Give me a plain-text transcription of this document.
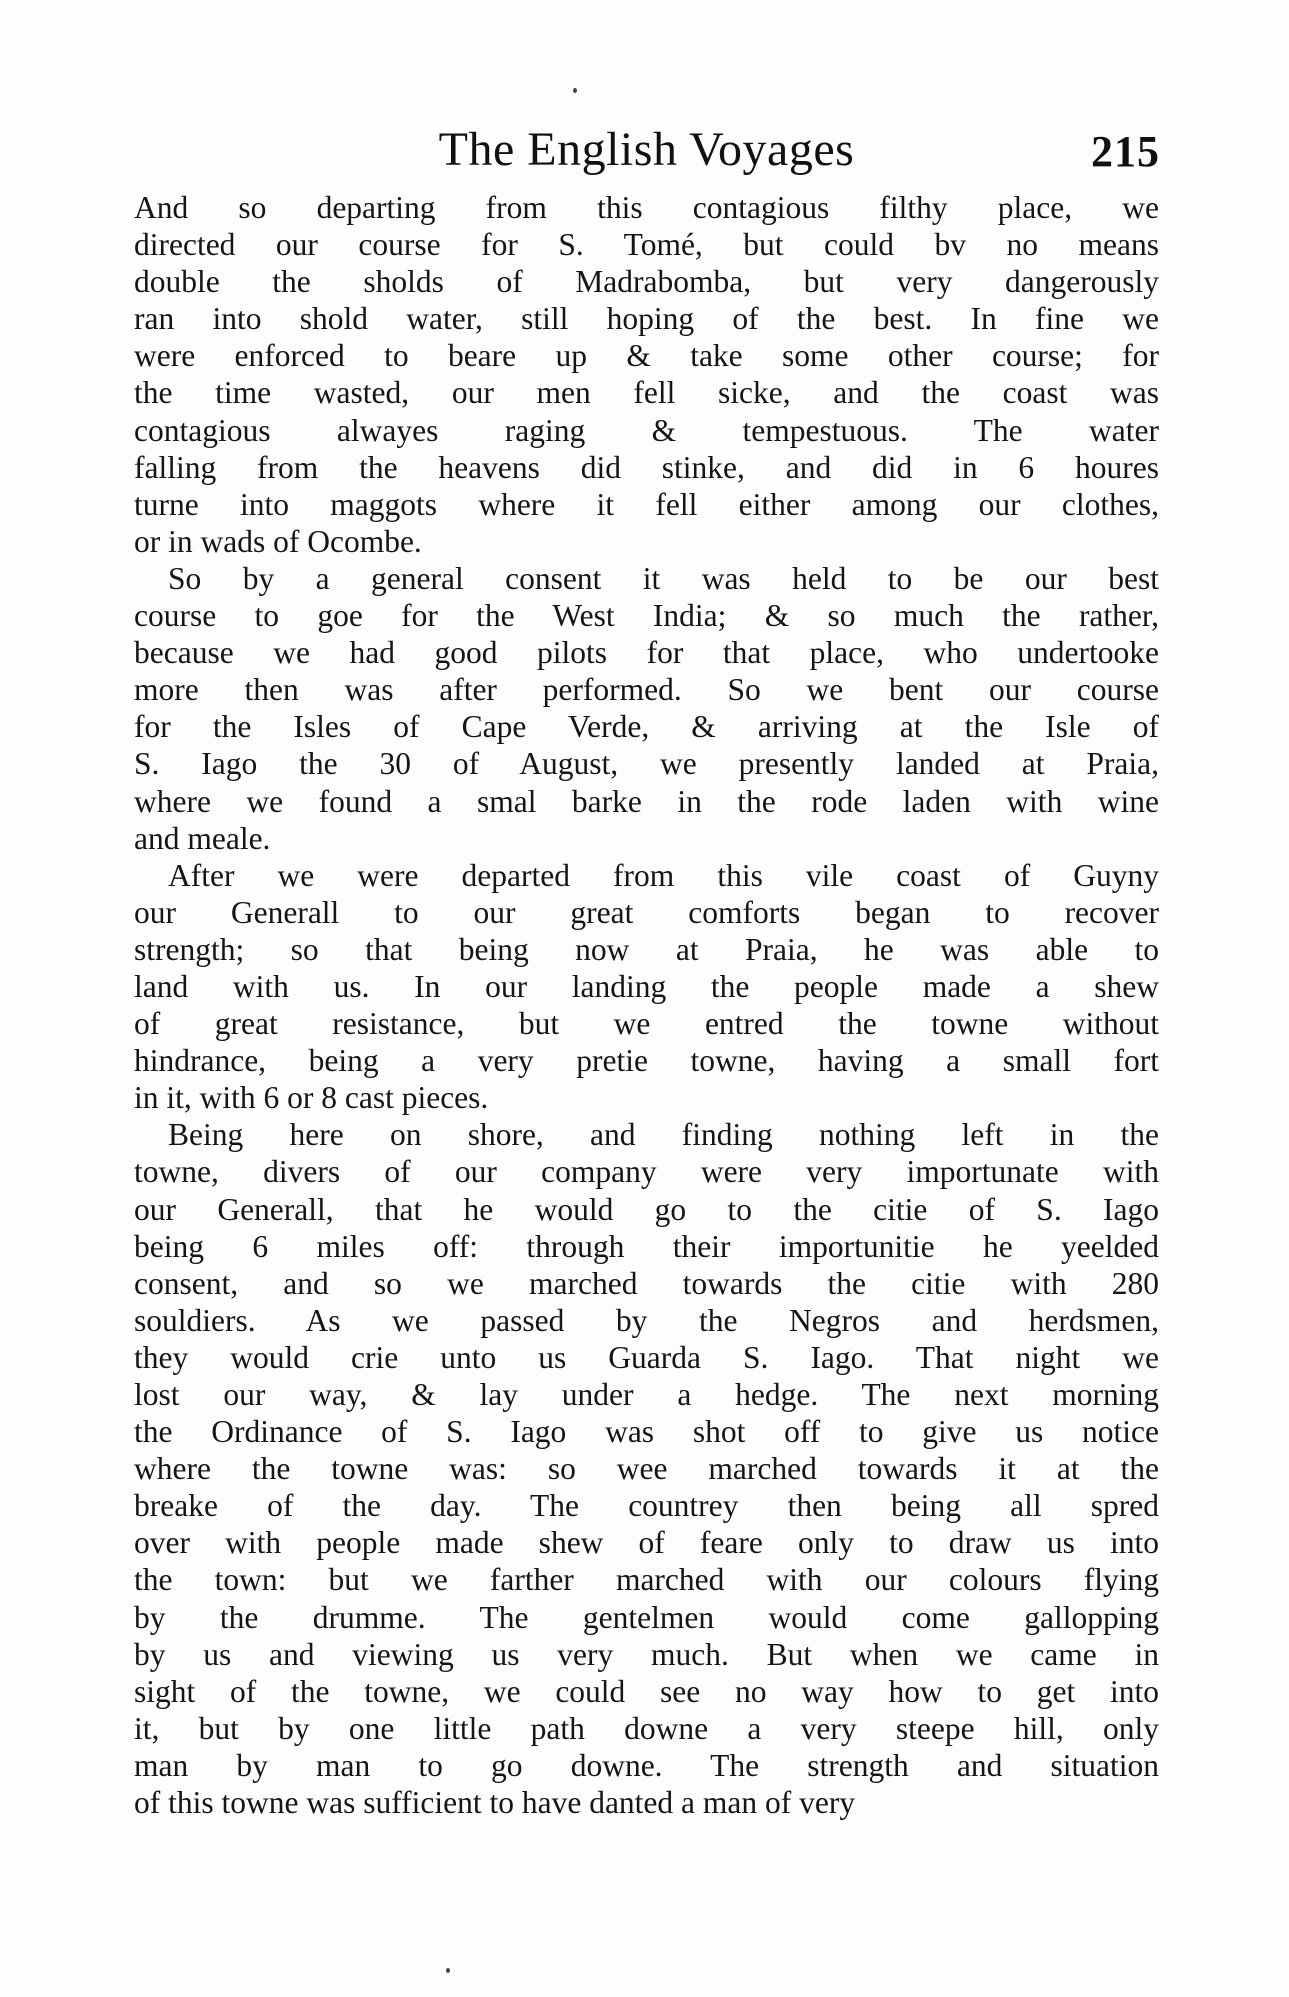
The English Voyages	215
And so departing from this contagious filthy place, we
directed our course for S. Tomé, but could bv no means
double the sholds of Madrabomba, but very dangerously
ran into shold water, still hoping of the best. In fine we
were enforced to beare up & take some other course; for
the time wasted, our men fell sicke, and the coast was
contagious alwayes raging & tempestuous. The water
falling from the heavens did stinke, and did in 6 houres
turne into maggots where it fell either among our clothes,
or in wads of Ocombe.
So by a general consent it was held to be our best
course to goe for the West India; & so much the rather,
because we had good pilots for that place, who undertooke
more then was after performed. So we bent our course
for the Isles of Cape Verde, & arriving at the Isle of
S. Iago the 30 of August, we presently landed at Praia,
where we found a smal barke in the rode laden with wine
and meale.
After we were departed from this vile coast of Guyny
our Generall to our great comforts began to recover
strength; so that being now at Praia, he was able to
land with us. In our landing the people made a shew
of great resistance, but we entred the towne without
hindrance, being a very pretie towne, having a small fort
in it, with 6 or 8 cast pieces.
Being here on shore, and finding nothing left in the
towne, divers of our company were very importunate with
our Generall, that he would go to the citie of S. Iago
being 6 miles off: through their importunitie he yeelded
consent, and so we marched towards the citie with 280
souldiers. As we passed by the Negros and herdsmen,
they would crie unto us Guarda S. Iago. That night we
lost our way, & lay under a hedge. The next morning
the Ordinance of S. Iago was shot off to give us notice
where the towne was: so wee marched towards it at the
breake of the day. The countrey then being all spred
over with people made shew of feare only to draw us into
the town: but we farther marched with our colours flying
by the drumme. The gentelmen would come gallopping
by us and viewing us very much. But when we came in
sight of the towne, we could see no way how to get into
it, but by one little path downe a very steepe hill, only
man by man to go downe. The strength and situation
of this towne was sufficient to have danted a man of very
